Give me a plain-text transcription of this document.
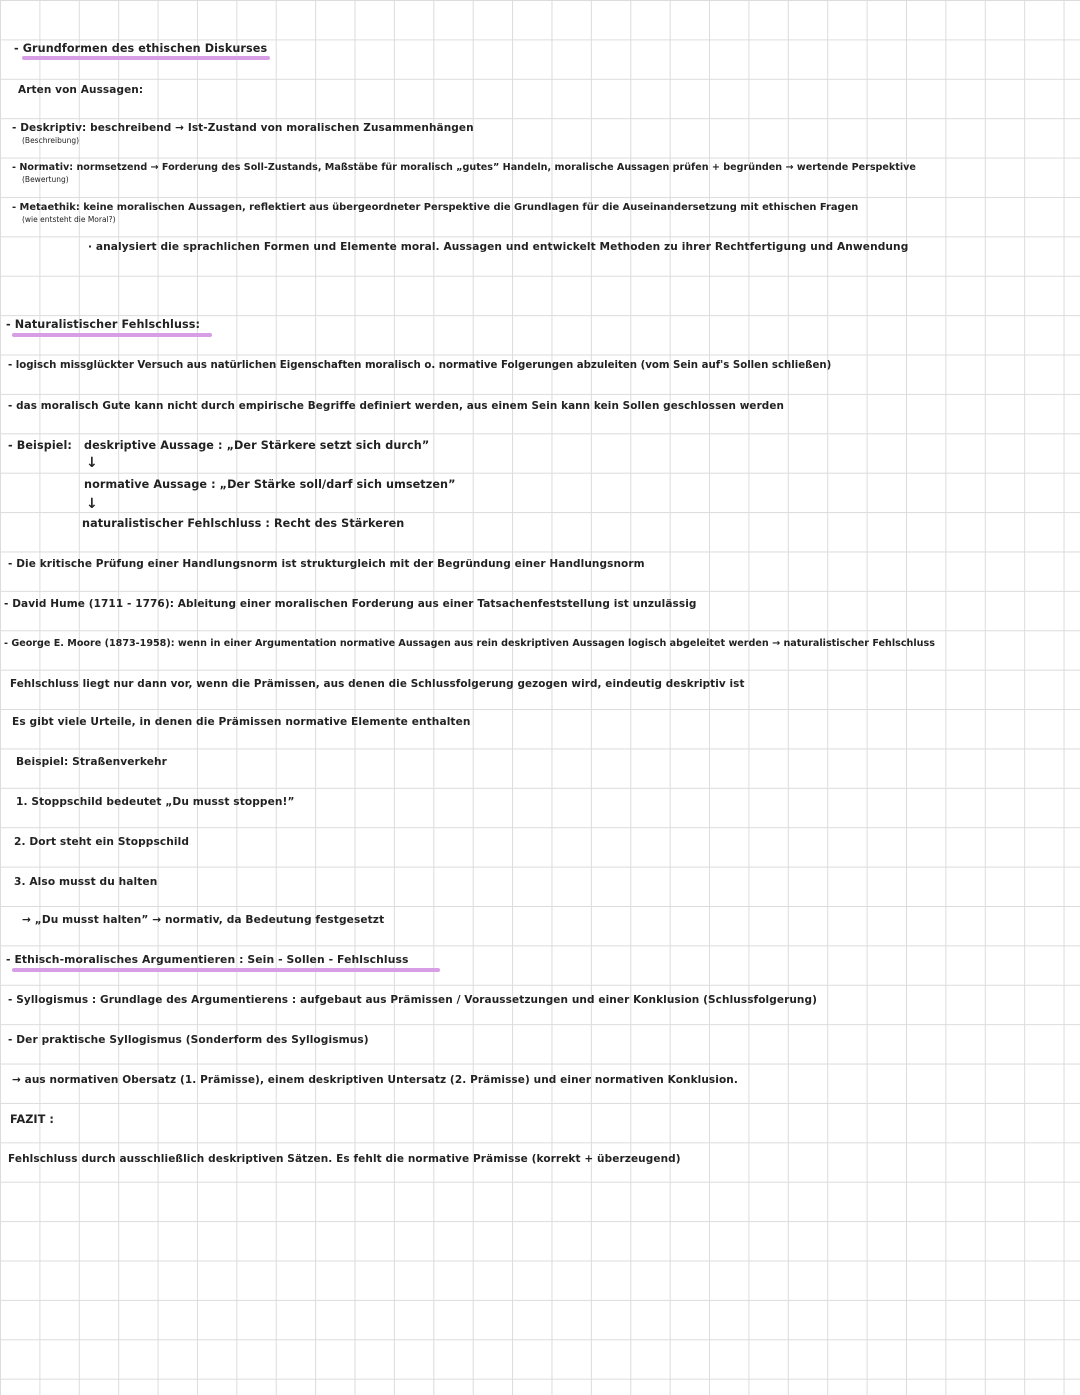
- Grundformen des ethischen Diskurses
Arten von Aussagen:
- Deskriptiv: beschreibend → Ist-Zustand von moralischen Zusammenhängen
(Beschreibung)
- Normativ: normsetzend → Forderung des Soll-Zustands, Maßstäbe für moralisch „gutes” Handeln, moralische Aussagen prüfen + begründen → wertende Perspektive
(Bewertung)
- Metaethik: keine moralischen Aussagen, reflektiert aus übergeordneter Perspektive die Grundlagen für die Auseinandersetzung mit ethischen Fragen
(wie entsteht die Moral?)
· analysiert die sprachlichen Formen und Elemente moral. Aussagen und entwickelt Methoden zu ihrer Rechtfertigung und Anwendung
- Naturalistischer Fehlschluss:
- logisch missglückter Versuch aus natürlichen Eigenschaften moralisch o. normative Folgerungen abzuleiten (vom Sein auf's Sollen schließen)
- das moralisch Gute kann nicht durch empirische Begriffe definiert werden, aus einem Sein kann kein Sollen geschlossen werden
- Beispiel: deskriptive Aussage : „Der Stärkere setzt sich durch”
↓
normative Aussage : „Der Stärke soll/darf sich umsetzen”
↓
naturalistischer Fehlschluss : Recht des Stärkeren
- Die kritische Prüfung einer Handlungsnorm ist strukturgleich mit der Begründung einer Handlungsnorm
- David Hume (1711 - 1776): Ableitung einer moralischen Forderung aus einer Tatsachenfeststellung ist unzulässig
- George E. Moore (1873-1958): wenn in einer Argumentation normative Aussagen aus rein deskriptiven Aussagen logisch abgeleitet werden → naturalistischer Fehlschluss
Fehlschluss liegt nur dann vor, wenn die Prämissen, aus denen die Schlussfolgerung gezogen wird, eindeutig deskriptiv ist
Es gibt viele Urteile, in denen die Prämissen normative Elemente enthalten
Beispiel: Straßenverkehr
1. Stoppschild bedeutet „Du musst stoppen!”
2. Dort steht ein Stoppschild
3. Also musst du halten
→ „Du musst halten” → normativ, da Bedeutung festgesetzt
- Ethisch-moralisches Argumentieren : Sein - Sollen - Fehlschluss
- Syllogismus : Grundlage des Argumentierens : aufgebaut aus Prämissen / Voraussetzungen und einer Konklusion (Schlussfolgerung)
- Der praktische Syllogismus (Sonderform des Syllogismus)
→ aus normativen Obersatz (1. Prämisse), einem deskriptiven Untersatz (2. Prämisse) und einer normativen Konklusion.
FAZIT :
Fehlschluss durch ausschließlich deskriptiven Sätzen. Es fehlt die normative Prämisse (korrekt + überzeugend)
